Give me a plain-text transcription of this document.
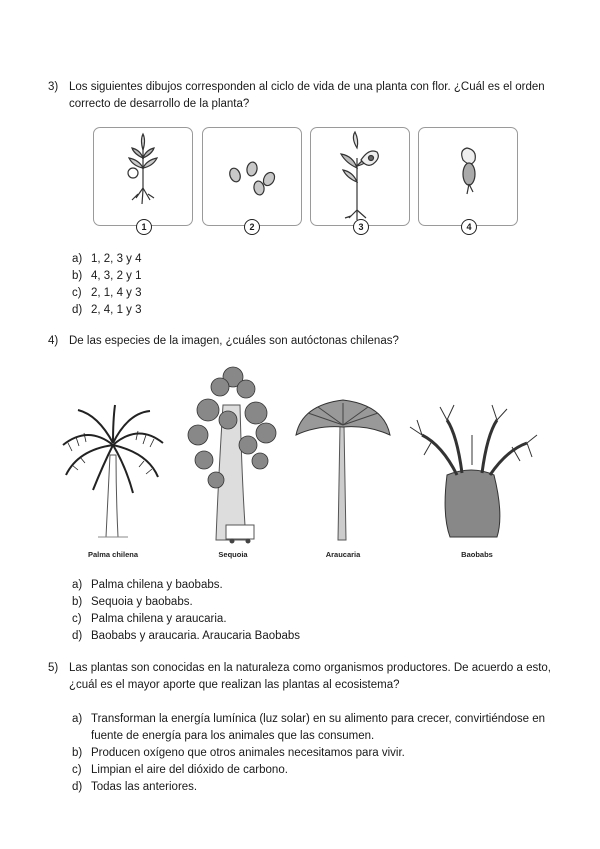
3) Los siguientes dibujos corresponden al ciclo de vida de una planta con flor. ¿Cuál es el orden correcto de desarrollo de la planta?
1	2	3	4
a) 1, 2, 3 y 4
b) 4, 3, 2 y 1
c) 2, 1, 4 y 3
d) 2, 4, 1 y 3
4) De las especies de la imagen, ¿cuáles son autóctonas chilenas?
Palma chilena	Sequoia	Araucaria	Baobabs
a) Palma chilena y baobabs.
b) Sequoia y baobabs.
c) Palma chilena y araucaria.
d) Baobabs y araucaria. Araucaria Baobabs
5) Las plantas son conocidas en la naturaleza como organismos productores. De acuerdo a esto, ¿cuál es el mayor aporte que realizan las plantas al ecosistema?
a) Transforman la energía lumínica (luz solar) en su alimento para crecer, convirtiéndose en fuente de energía para los animales que las consumen.
b) Producen oxígeno que otros animales necesitamos para vivir.
c) Limpian el aire del dióxido de carbono.
d) Todas las anteriores.
